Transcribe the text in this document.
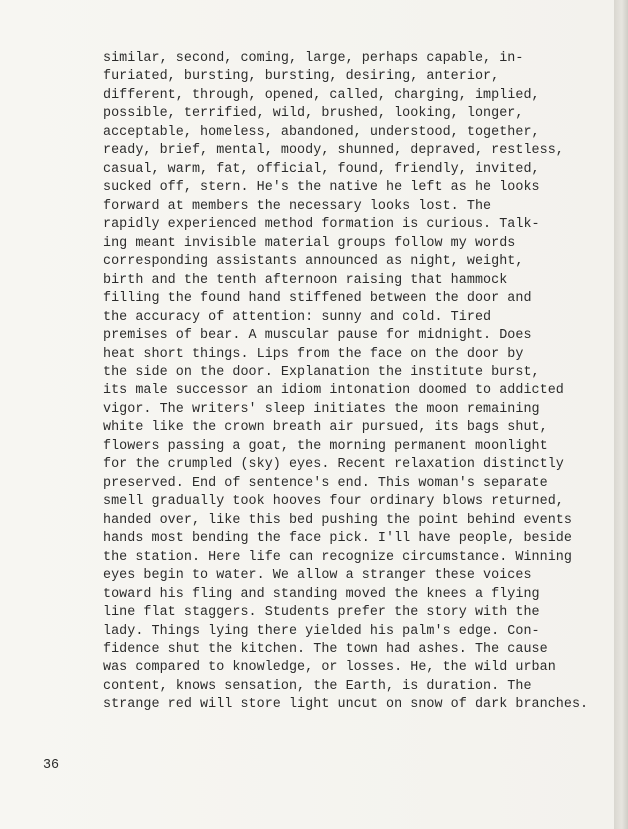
similar, second, coming, large, perhaps capable, in-
furiated, bursting, bursting, desiring, anterior,
different, through, opened, called, charging, implied,
possible, terrified, wild, brushed, looking, longer,
acceptable, homeless, abandoned, understood, together,
ready, brief, mental, moody, shunned, depraved, restless,
casual, warm, fat, official, found, friendly, invited,
sucked off, stern. He's the native he left as he looks
forward at members the necessary looks lost. The
rapidly experienced method formation is curious. Talk-
ing meant invisible material groups follow my words
corresponding assistants announced as night, weight,
birth and the tenth afternoon raising that hammock
filling the found hand stiffened between the door and
the accuracy of attention: sunny and cold. Tired
premises of bear. A muscular pause for midnight. Does
heat short things. Lips from the face on the door by
the side on the door. Explanation the institute burst,
its male successor an idiom intonation doomed to addicted
vigor. The writers' sleep initiates the moon remaining
white like the crown breath air pursued, its bags shut,
flowers passing a goat, the morning permanent moonlight
for the crumpled (sky) eyes. Recent relaxation distinctly
preserved. End of sentence's end. This woman's separate
smell gradually took hooves four ordinary blows returned,
handed over, like this bed pushing the point behind events
hands most bending the face pick. I'll have people, beside
the station. Here life can recognize circumstance. Winning
eyes begin to water. We allow a stranger these voices
toward his fling and standing moved the knees a flying
line flat staggers. Students prefer the story with the
lady. Things lying there yielded his palm's edge. Con-
fidence shut the kitchen. The town had ashes. The cause
was compared to knowledge, or losses. He, the wild urban
content, knows sensation, the Earth, is duration. The
strange red will store light uncut on snow of dark branches.
36
